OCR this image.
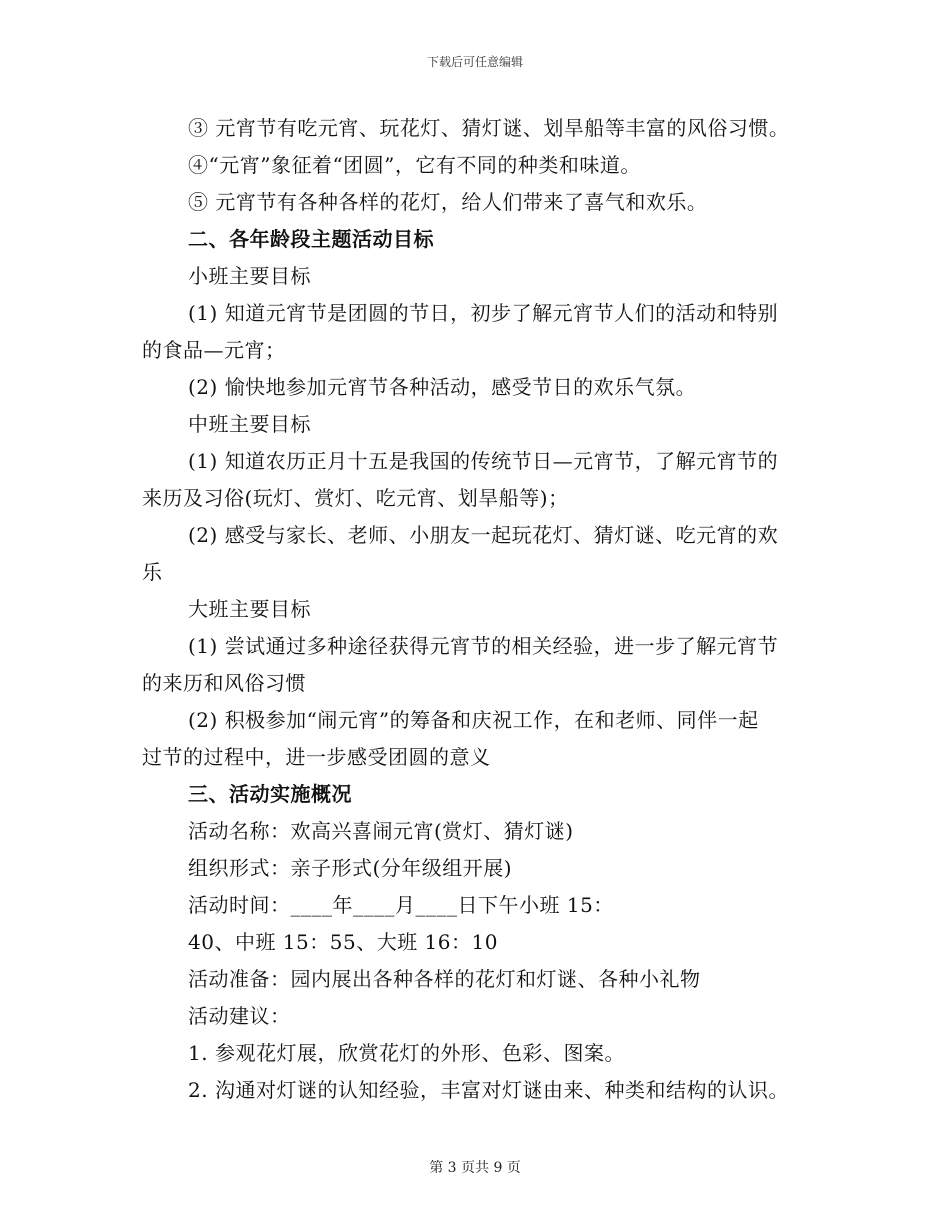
下载后可任意编辑
③ 元宵节有吃元宵、玩花灯、猜灯谜、划旱船等丰富的风俗习惯。
④“元宵”象征着“团圆”，它有不同的种类和味道。
⑤ 元宵节有各种各样的花灯，给人们带来了喜气和欢乐。
二、各年龄段主题活动目标
小班主要目标
(1) 知道元宵节是团圆的节日，初步了解元宵节人们的活动和特别
的食品—元宵；
(2) 愉快地参加元宵节各种活动，感受节日的欢乐气氛。
中班主要目标
(1) 知道农历正月十五是我国的传统节日—元宵节，了解元宵节的
来历及习俗(玩灯、赏灯、吃元宵、划旱船等)；
(2) 感受与家长、老师、小朋友一起玩花灯、猜灯谜、吃元宵的欢
乐
大班主要目标
(1) 尝试通过多种途径获得元宵节的相关经验，进一步了解元宵节
的来历和风俗习惯
(2) 积极参加“闹元宵”的筹备和庆祝工作，在和老师、同伴一起
过节的过程中，进一步感受团圆的意义
三、活动实施概况
活动名称：欢高兴喜闹元宵(赏灯、猜灯谜)
组织形式：亲子形式(分年级组开展)
活动时间：____年____月____日下午小班 15：
40、中班 15：55、大班 16：10
活动准备：园内展出各种各样的花灯和灯谜、各种小礼物
活动建议：
1. 参观花灯展，欣赏花灯的外形、色彩、图案。
2. 沟通对灯谜的认知经验，丰富对灯谜由来、种类和结构的认识。
第 3 页共 9 页
